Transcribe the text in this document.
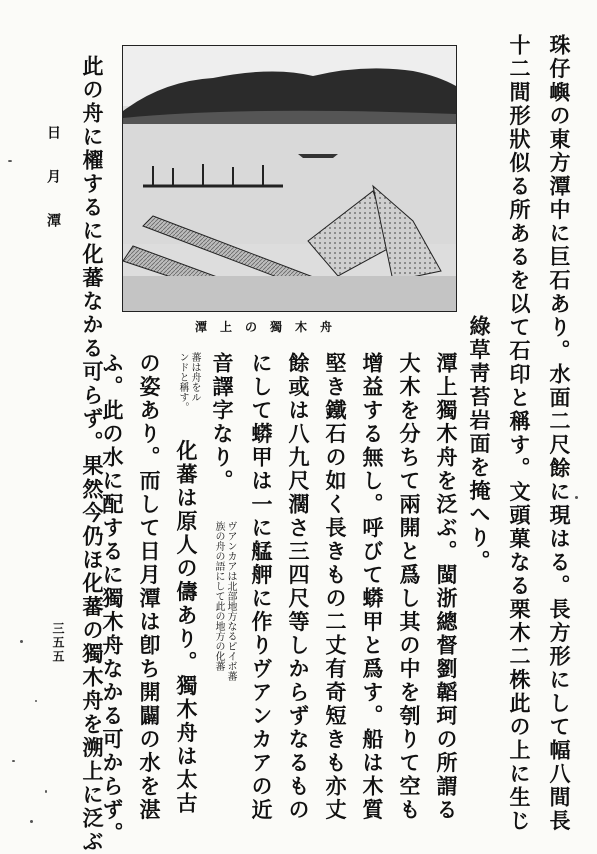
日月潭
三五五 此の舟に櫂するに化蕃なかる可らず。果然今仍ほ化蕃の獨木舟を溯上に泛ぶ	潭上の獨木舟	珠仔嶼の東方潭中に巨石あり。水面二尺餘に現はる。長方形にして幅八間長
十二間形狀似る所あるを以て石印と稱す。文頭菓なる栗木二株此の上に生じ
綠草靑苔岩面を掩へり。
潭上獨木舟を泛ぶ。閩浙總督劉韜珂の所謂る
大木を分ちて兩開と爲し其の中を刳りて空も
增益する無し。呼びて蟒甲と爲す。船は木質
堅き鐵石の如く長きもの二丈有奇短きも亦丈
餘或は八九尺濶さ三四尺等しからずなるもの
にして蟒甲は一に艋舺に作りヴアンカアの近
音譯字なり。
ヴアンカアは北部地方なるピイボ蕃
族の舟の語にして此の地方の化蕃
蕃は舟をル
ンドと稱す。
化蕃は原人の儔あり。獨木舟は太古
の姿あり。而して日月潭は卽ち開闢の水を湛
ふ。此の水に配するに獨木舟なかる可からず。
